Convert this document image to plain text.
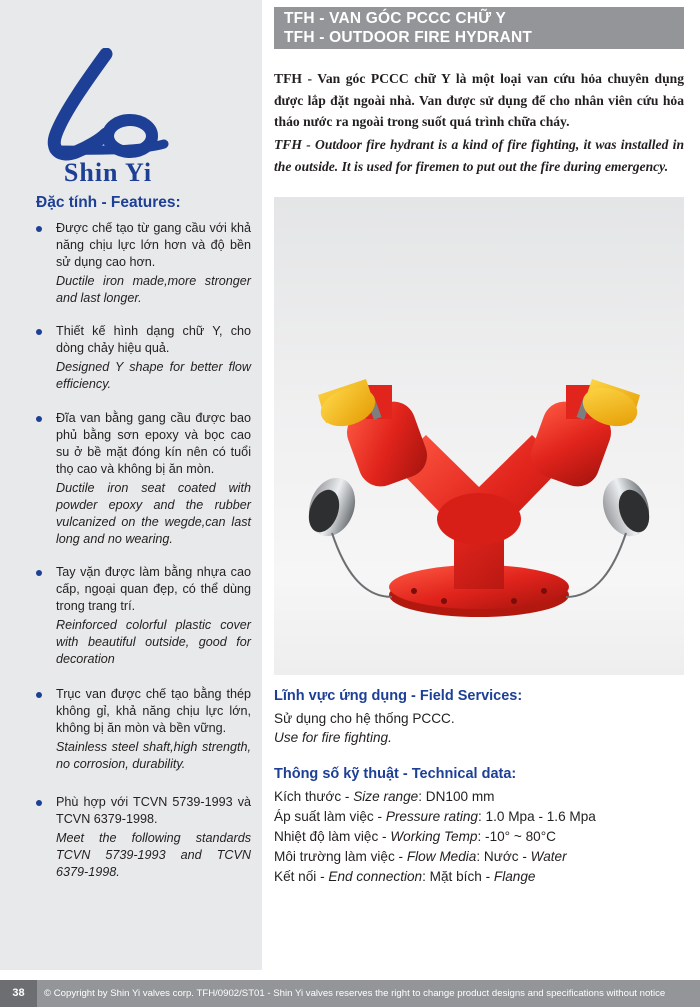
Shin Yi
Đặc tính - Features:
Được chế tạo từ gang cầu với khả năng chịu lực lớn hơn và độ bền sử dụng cao hơn.
Ductile iron made,more stronger and last longer.
Thiết kế hình dạng chữ Y, cho dòng chảy hiệu quả.
Designed Y shape for better flow efficiency.
Đĩa van bằng gang cầu được bao phủ bằng sơn epoxy và bọc cao su ở bề mặt đóng kín nên có tuổi thọ cao và không bị ăn mòn.
Ductile iron seat coated with powder epoxy and the rubber vulcanized on the wegde,can last long and no wearing.
Tay vặn được làm bằng nhựa cao cấp, ngoại quan đẹp, có thể dùng trong trang trí.
Reinforced colorful plastic cover with beautiful outside, good for decoration
Trục van được chế tạo bằng thép không gỉ, khả năng chịu lực lớn, không bị ăn mòn và bền vững.
Stainless steel shaft,high strength, no corrosion, durability.
Phù hợp với TCVN 5739-1993 và TCVN 6379-1998.
Meet the following standards TCVN 5739-1993 and TCVN 6379-1998.
TFH - VAN GÓC PCCC CHỮ Y
TFH - OUTDOOR FIRE HYDRANT
TFH - Van góc PCCC chữ Y là một loại van cứu hỏa chuyên dụng được lắp đặt ngoài nhà. Van được sử dụng để cho nhân viên cứu hỏa tháo nước ra ngoài trong suốt quá trình chữa cháy.
TFH - Outdoor fire hydrant is a kind of fire fighting, it was installed in the outside. It is used for firemen to put out the fire during emergency.
Lĩnh vực ứng dụng - Field Services:
Sử dụng cho hệ thống PCCC.
Use for fire fighting.
Thông số kỹ thuật - Technical data:
Kích thước - Size range: DN100 mm
Áp suất làm việc - Pressure rating: 1.0 Mpa - 1.6 Mpa
Nhiệt độ làm việc - Working Temp: -10° ~ 80°C
Môi trường làm việc - Flow Media: Nước - Water
Kết nối - End connection: Mặt bích - Flange
38	© Copyright by Shin Yi valves corp. TFH/0902/ST01 - Shin Yi valves reserves the right to change product designs and specifications without notice
